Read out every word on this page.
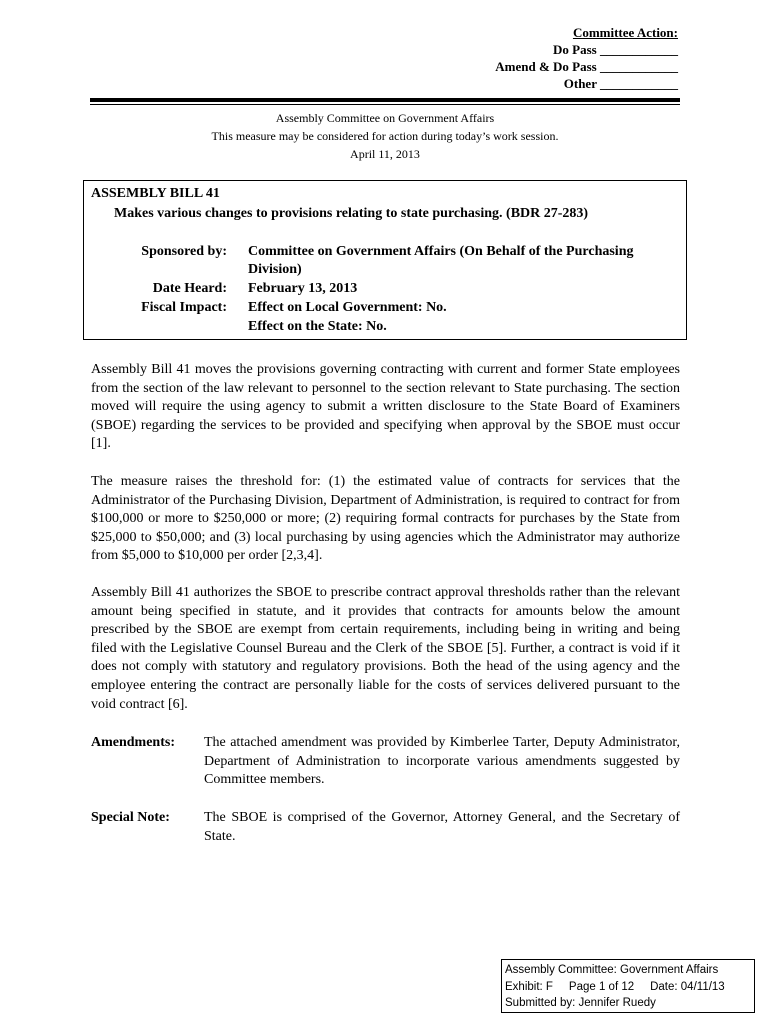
Committee Action:
Do Pass ____________
Amend & Do Pass ____________
Other ____________
Assembly Committee on Government Affairs
This measure may be considered for action during today’s work session.
April 11, 2013
ASSEMBLY BILL 41
Makes various changes to provisions relating to state purchasing. (BDR 27-283)
Sponsored by: Committee on Government Affairs (On Behalf of the Purchasing Division)
Date Heard: February 13, 2013
Fiscal Impact: Effect on Local Government: No.
Effect on the State: No.
Assembly Bill 41 moves the provisions governing contracting with current and former State employees from the section of the law relevant to personnel to the section relevant to State purchasing. The section moved will require the using agency to submit a written disclosure to the State Board of Examiners (SBOE) regarding the services to be provided and specifying when approval by the SBOE must occur [1].
The measure raises the threshold for: (1) the estimated value of contracts for services that the Administrator of the Purchasing Division, Department of Administration, is required to contract for from $100,000 or more to $250,000 or more; (2) requiring formal contracts for purchases by the State from $25,000 to $50,000; and (3) local purchasing by using agencies which the Administrator may authorize from $5,000 to $10,000 per order [2,3,4].
Assembly Bill 41 authorizes the SBOE to prescribe contract approval thresholds rather than the relevant amount being specified in statute, and it provides that contracts for amounts below the amount prescribed by the SBOE are exempt from certain requirements, including being in writing and being filed with the Legislative Counsel Bureau and the Clerk of the SBOE [5]. Further, a contract is void if it does not comply with statutory and regulatory provisions. Both the head of the using agency and the employee entering the contract are personally liable for the costs of services delivered pursuant to the void contract [6].
Amendments: The attached amendment was provided by Kimberlee Tarter, Deputy Administrator, Department of Administration to incorporate various amendments suggested by Committee members.
Special Note: The SBOE is comprised of the Governor, Attorney General, and the Secretary of State.
Assembly Committee: Government Affairs
Exhibit: F     Page 1 of 12     Date: 04/11/13
Submitted by: Jennifer Ruedy
